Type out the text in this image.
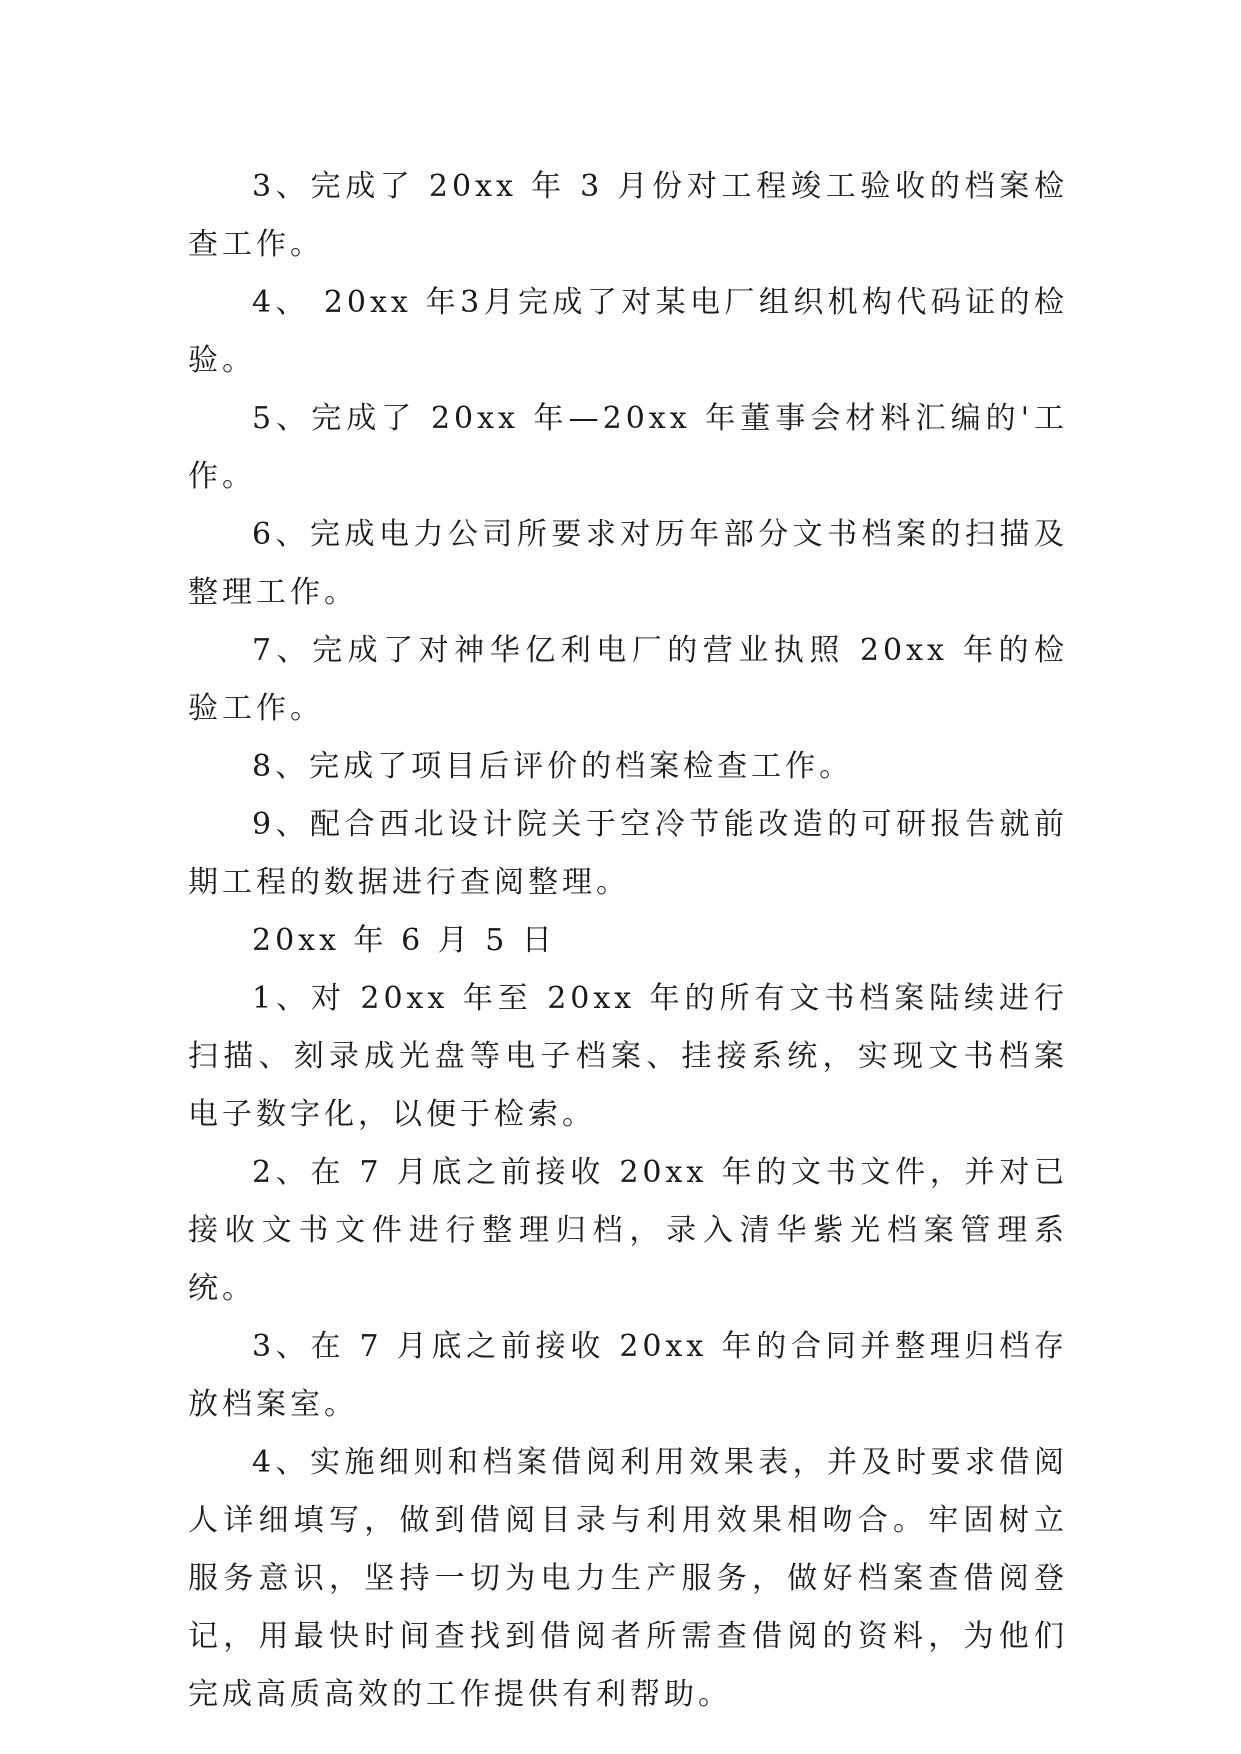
3、完成了 20xx 年 3 月份对工程竣工验收的档案检查工作。

4、 20xx 年3月完成了对某电厂组织机构代码证的检验。

5、完成了 20xx 年—20xx 年董事会材料汇编的'工作。

6、完成电力公司所要求对历年部分文书档案的扫描及整理工作。

7、完成了对神华亿利电厂的营业执照 20xx 年的检验工作。

8、完成了项目后评价的档案检查工作。

9、配合西北设计院关于空冷节能改造的可研报告就前期工程的数据进行查阅整理。

20xx 年 6 月 5 日

1、对 20xx 年至 20xx 年的所有文书档案陆续进行扫描、刻录成光盘等电子档案、挂接系统，实现文书档案电子数字化，以便于检索。

2、在 7 月底之前接收 20xx 年的文书文件，并对已接收文书文件进行整理归档，录入清华紫光档案管理系统。

3、在 7 月底之前接收 20xx 年的合同并整理归档存放档案室。

4、实施细则和档案借阅利用效果表，并及时要求借阅人详细填写，做到借阅目录与利用效果相吻合。牢固树立服务意识，坚持一切为电力生产服务，做好档案查借阅登记，用最快时间查找到借阅者所需查借阅的资料，为他们完成高质高效的工作提供有利帮助。
